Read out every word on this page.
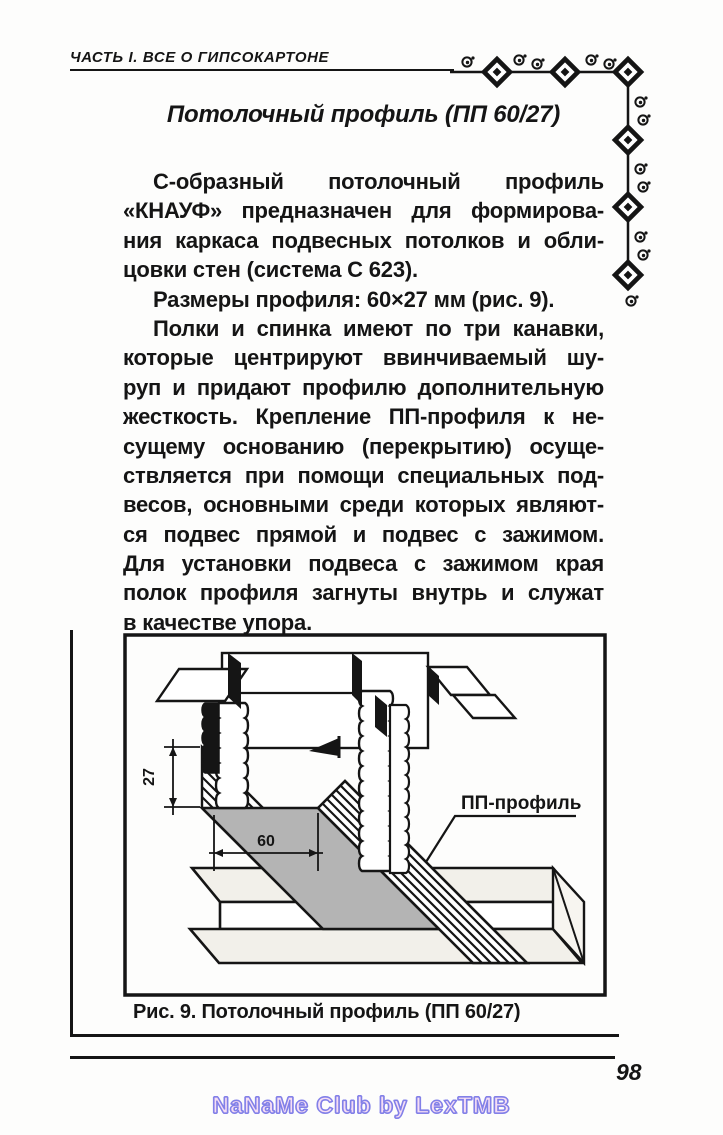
ЧАСТЬ I. ВСЕ О ГИПСОКАРТОНЕ
Потолочный профиль (ПП 60/27)
С-образный потолочный профиль
«КНАУФ» предназначен для формирова-
ния каркаса подвесных потолков и обли-
цовки стен (система С 623).
Размеры профиля: 60×27 мм (рис. 9).
Полки и спинка имеют по три канавки,
которые центрируют ввинчиваемый шу-
руп и придают профилю дополнительную
жесткость. Крепление ПП-профиля к не-
сущему основанию (перекрытию) осуще-
ствляется при помощи специальных под-
весов, основными среди которых являют-
ся подвес прямой и подвес с зажимом.
Для установки подвеса с зажимом края
полок профиля загнуты внутрь и служат
в качестве упора.
27
60
ПП-профиль
Рис. 9. Потолочный профиль (ПП 60/27)
98
NaNaMe Club by LexTMB
